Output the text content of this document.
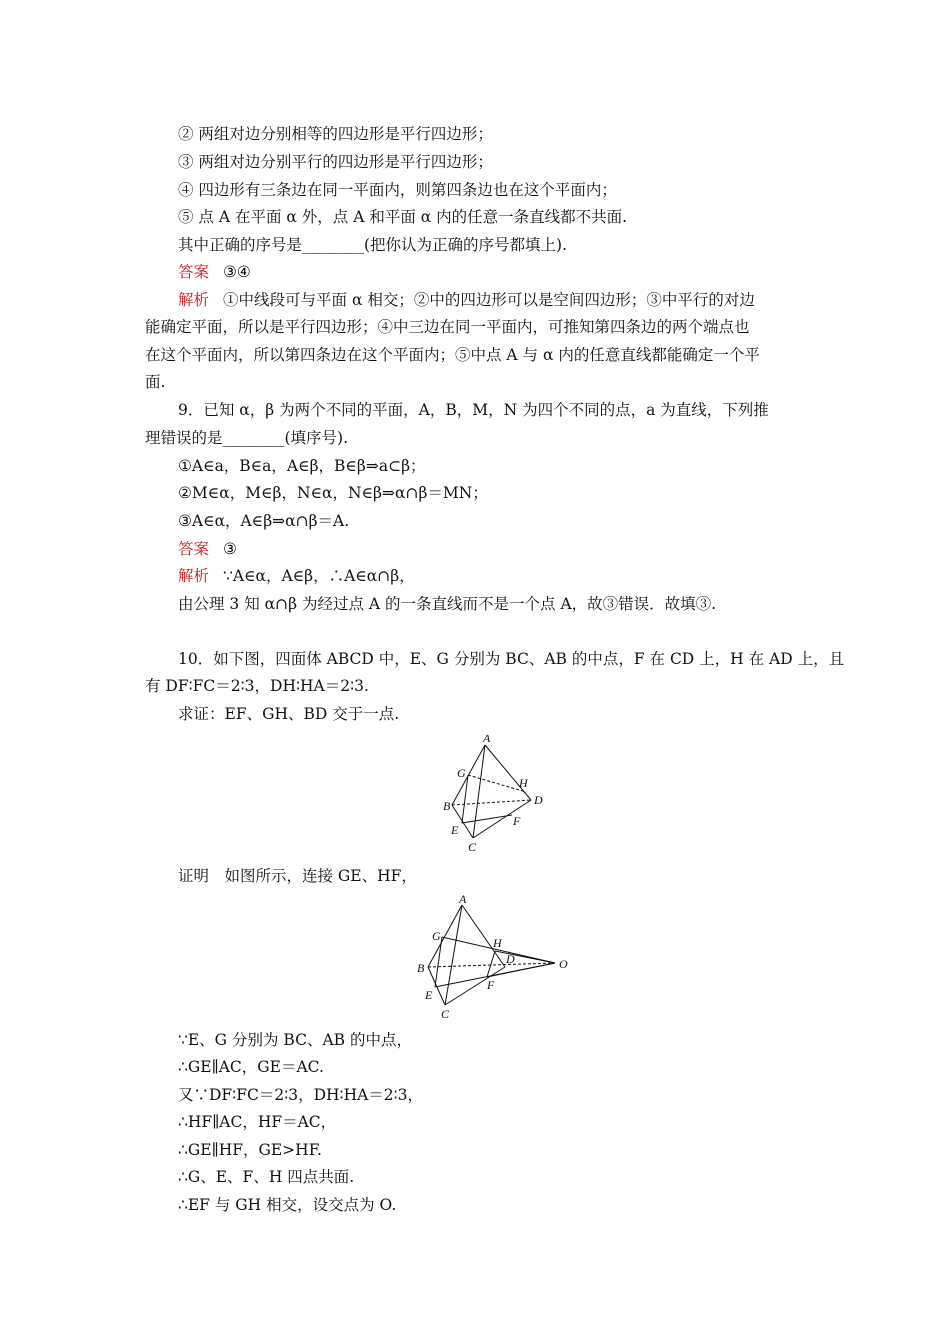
② 两组对边分别相等的四边形是平行四边形；
③ 两组对边分别平行的四边形是平行四边形；
④ 四边形有三条边在同一平面内，则第四条边也在这个平面内；
⑤ 点 A 在平面 α 外，点 A 和平面 α 内的任意一条直线都不共面.
其中正确的序号是________(把你认为正确的序号都填上).
答案 ③④
解析 ①中线段可与平面 α 相交；②中的四边形可以是空间四边形；③中平行的对边
能确定平面，所以是平行四边形；④中三边在同一平面内，可推知第四条边的两个端点也
在这个平面内，所以第四条边在这个平面内；⑤中点 A 与 α 内的任意直线都能确定一个平
面.
9．已知 α，β 为两个不同的平面，A，B，M，N 为四个不同的点，a 为直线，下列推
理错误的是________(填序号).
①A∈a，B∈a，A∈β，B∈β⇒a⊂β；
②M∈α，M∈β，N∈α，N∈β⇒α∩β＝MN；
③A∈α，A∈β⇒α∩β＝A.
答案 ③
解析 ∵A∈α，A∈β，∴A∈α∩β，
由公理 3 知 α∩β 为经过点 A 的一条直线而不是一个点 A，故③错误．故填③.
10．如下图，四面体 ABCD 中，E、G 分别为 BC、AB 的中点，F 在 CD 上，H 在 AD 上，且
有 DF∶FC＝2∶3，DH∶HA＝2∶3.
求证：EF、GH、BD 交于一点.
A
G
H
B	D
E
F
C
证明　如图所示，连接 GE、HF，
A
G	H
B
D	O
E
F
C
∵E、G 分别为 BC、AB 的中点，
∴GE∥AC，GE＝AC.
又∵DF∶FC＝2∶3，DH∶HA＝2∶3，
∴HF∥AC，HF＝AC，
∴GE∥HF，GE>HF.
∴G、E、F、H 四点共面.
∴EF 与 GH 相交，设交点为 O.
